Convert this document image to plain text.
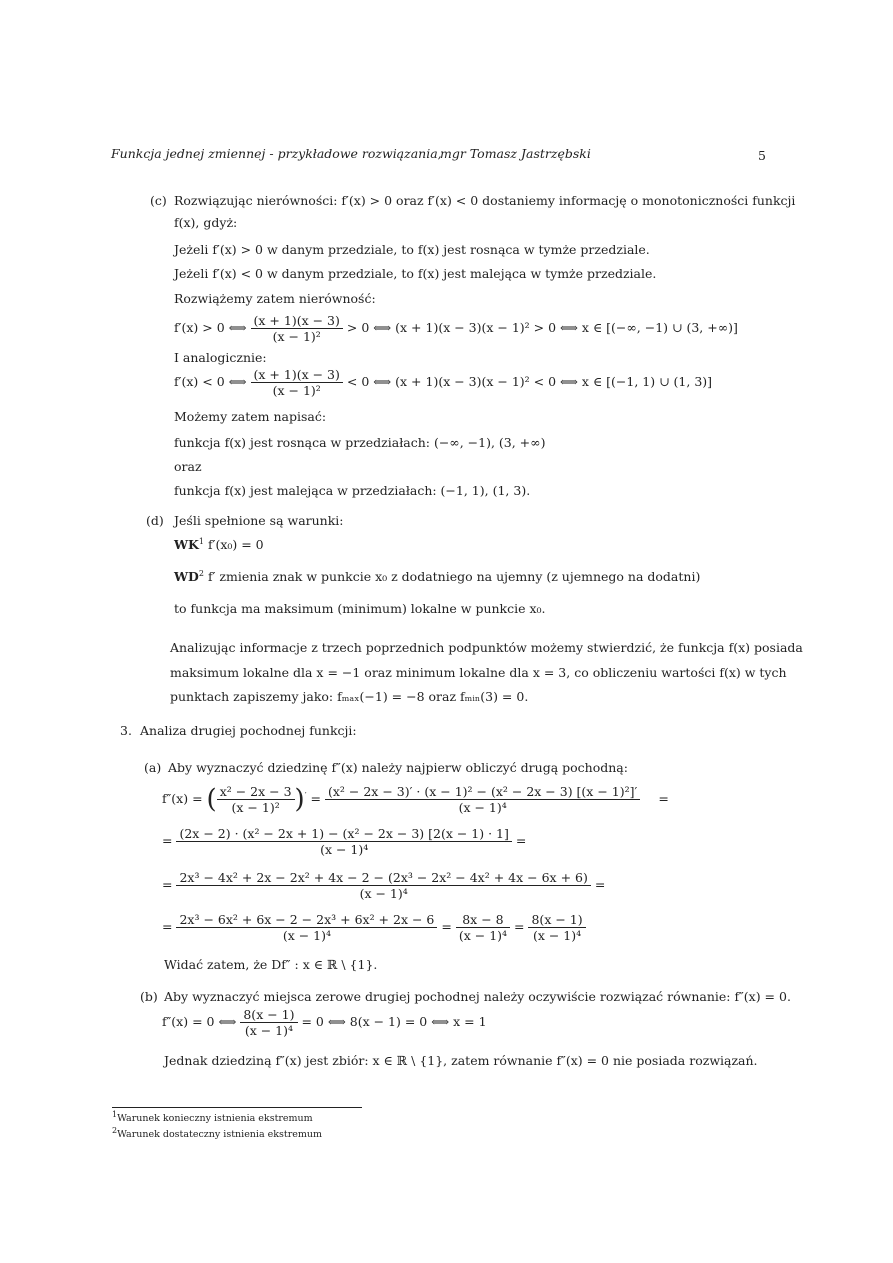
Funkcja jednej zmiennej - przykładowe rozwiązania,
mgr Tomasz Jastrzębski	5
(c) Rozwiązując nierówności: f′(x) > 0 oraz f′(x) < 0 dostaniemy informację o monotoniczności funkcji
f(x), gdyż:
Jeżeli f′(x) > 0 w danym przedziale, to f(x) jest rosnąca w tymże przedziale.
Jeżeli f′(x) < 0 w danym przedziale, to f(x) jest malejąca w tymże przedziale.
Rozwiążemy zatem nierówność:
f′(x) > 0 ⟺ $\frac{(x + 1)(x - 3)}{\text{(x − 1)²}} > 0$ ⟺ (x + 1)(x − 3)(x − 1)² > 0 ⟺ x ∈ [(−∞, −1) ∪ (3, +∞)]
I analogicznie:
f′(x) < 0 ⟺ $\frac{(x + 1)(x - 3)}{\text{(x − 1)²}} < 0$ ⟺ (x + 1)(x − 3)(x − 1)² < 0 ⟺ x ∈ [(−1, 1) ∪ (1, 3)]
Możemy zatem napisać:
funkcja f(x) jest rosnąca w przedziałach: (−∞, −1), (3, +∞)
oraz
funkcja f(x) jest malejąca w przedziałach: (−1, 1), (1, 3).
(d) Jeśli spełnione są warunki:
$WK^1$ f′(x₀) = 0
$WD^2$ f′ zmienia znak w punkcie x₀ z dodatniego na ujemny (z ujemnego na dodatni)
to funkcja ma maksimum (minimum) lokalne w punkcie x₀.
Analizując informacje z trzech poprzednich podpunktów możemy stwierdzić, że funkcja f(x) posiada
maksimum lokalne dla x = −1 oraz minimum lokalne dla x = 3, co obliczeniu wartości f(x) w tych
punktach zapiszemy jako: fₘₐₓ(−1) = −8 oraz fₘᵢₙ(3) = 0.
3. Analiza drugiej pochodnej funkcji:
(a) Aby wyznaczyć dziedzinę f″(x) należy najpierw obliczyć drugą pochodną:
f″(x) = ( $\frac{\text{x² − 2x − 3}}{\text{(x − 1)²}} )' = \frac{\text{(x² − 2x − 3)′ · (x − 1)² − (x² − 2x − 3) [(x − 1)²]′}}{\text{(x − 1)⁴}}$ =
= $\frac{\text{(2x − 2) · (x² − 2x + 1) − (x² − 2x − 3) [2(x − 1) · 1]}}{\text{(x − 1)⁴}}$ =
= 2x³ − 4x² + 2x − 2x² + 4x − 2 − (2x³ − 2x² − 4x² + 4x − 6x + 6)
(x − 1)⁴
=
= $\frac{\text{2x³ − 6x² + 6x − 2 − 2x³ + 6x² + 2x − 6}}{\text{(x − 1)⁴}} = \frac{8x - 8}{\text{(x − 1)⁴}} = \frac{8(x - 1)}{\text{(x − 1)⁴}}$
Widać zatem, że Df″ : x ∈ ℝ \ {1}.
(b) Aby wyznaczyć miejsca zerowe drugiej pochodnej należy oczywiście rozwiązać równanie: f″(x) = 0.
f″(x) = 0 ⟺ $\frac{8(x - 1)}{\text{(x − 1)⁴}} = 0$ ⟺ 8(x − 1) = 0 ⟺ x = 1
Jednak dziedziną f″(x) jest zbiór: x ∈ ℝ \ {1}, zatem równanie f″(x) = 0 nie posiada rozwiązań.
$^1$Warunek konieczny istnienia ekstremum
$^2$Warunek dostateczny istnienia ekstremum
